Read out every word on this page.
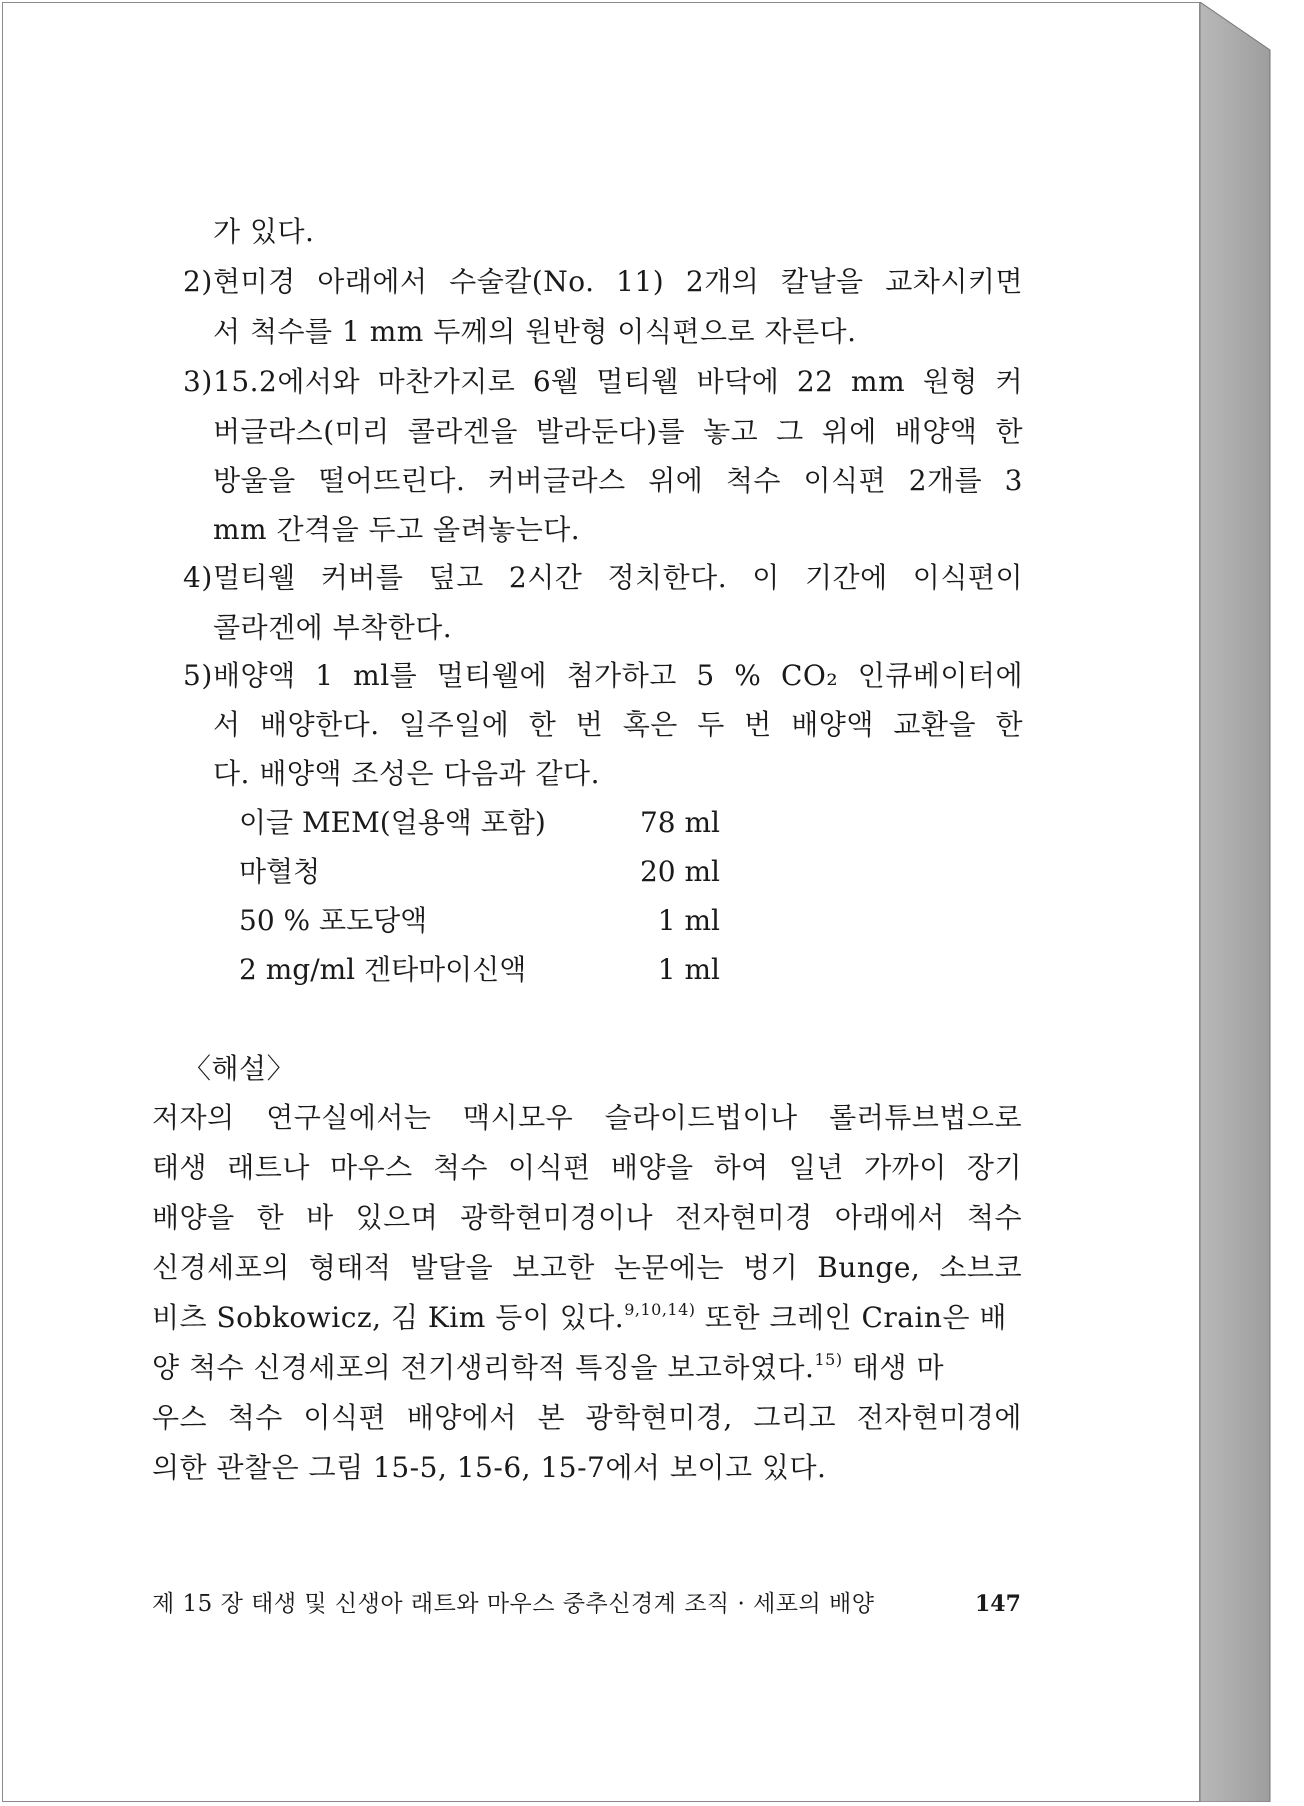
가 있다.
2) 현미경 아래에서 수술칼(No. 11) 2개의 칼날을 교차시키면
서 척수를 1 mm 두께의 원반형 이식편으로 자른다.
3) 15.2에서와 마찬가지로 6웰 멀티웰 바닥에 22 mm 원형 커
버글라스(미리 콜라겐을 발라둔다)를 놓고 그 위에 배양액 한
방울을 떨어뜨린다. 커버글라스 위에 척수 이식편 2개를 3
mm 간격을 두고 올려놓는다.
4) 멀티웰 커버를 덮고 2시간 정치한다. 이 기간에 이식편이
콜라겐에 부착한다.
5) 배양액 1 ml를 멀티웰에 첨가하고 5 % CO₂ 인큐베이터에
서 배양한다. 일주일에 한 번 혹은 두 번 배양액 교환을 한
다. 배양액 조성은 다음과 같다.
이글 MEM(얼용액 포함)	78 ml
마혈청	20 ml
50 % 포도당액	1 ml
2 mg/ml 겐타마이신액	1 ml
〈해설〉
저자의 연구실에서는 맥시모우 슬라이드법이나 롤러튜브법으로
태생 래트나 마우스 척수 이식편 배양을 하여 일년 가까이 장기
배양을 한 바 있으며 광학현미경이나 전자현미경 아래에서 척수
신경세포의 형태적 발달을 보고한 논문에는 벙기 Bunge, 소브코
비츠 Sobkowicz, 김 Kim 등이 있다.$^{9,10,14)}$ 또한 크레인 Crain은 배
양 척수 신경세포의 전기생리학적 특징을 보고하였다.$^{15)}$ 태생 마
우스 척수 이식편 배양에서 본 광학현미경, 그리고 전자현미경에
의한 관찰은 그림 15-5, 15-6, 15-7에서 보이고 있다.
제 15 장 태생 및 신생아 래트와 마우스 중추신경계 조직 · 세포의 배양	147
